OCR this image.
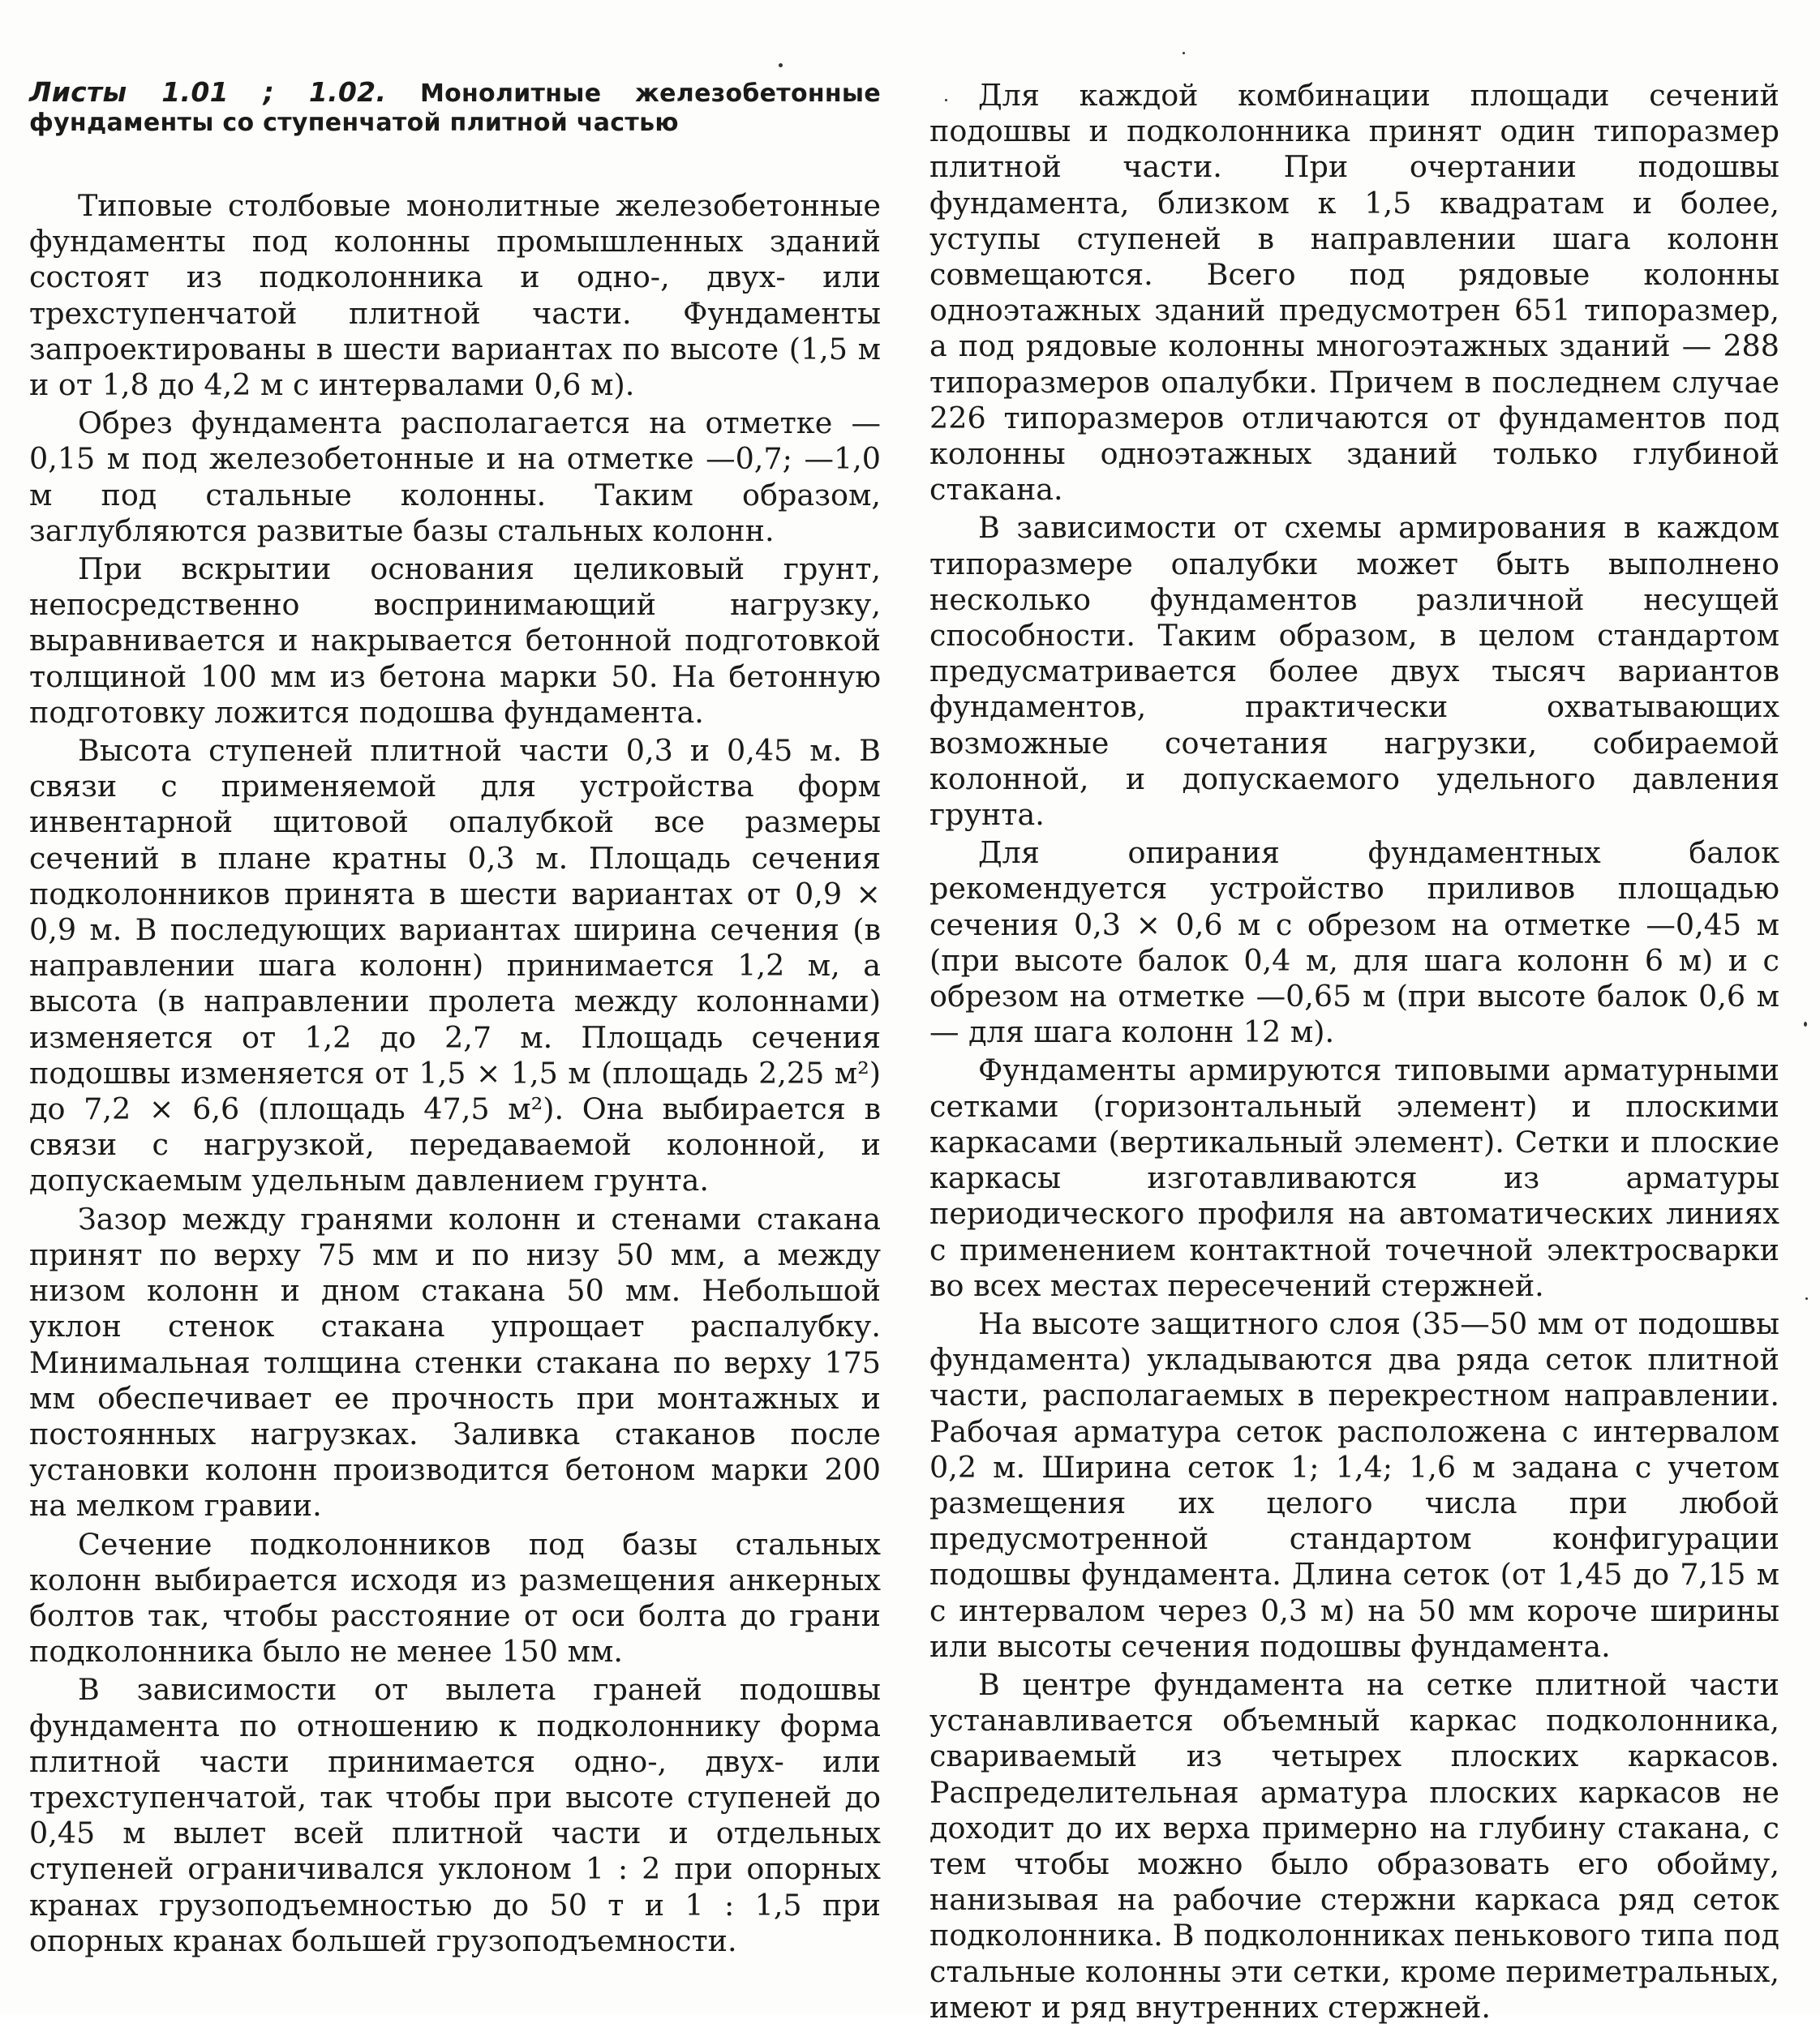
Листы 1.01 ; 1.02. Монолитные железобетонные фундаменты со ступенчатой плитной частью

Типовые столбовые монолитные железобетонные фундаменты под колонны промышленных зданий состоят из подколонника и одно-, двух- или трехступенчатой плитной части. Фундаменты запроектированы в шести вариантах по высоте (1,5 м и от 1,8 до 4,2 м с интервалами 0,6 м).

Обрез фундамента располагается на отметке —0,15 м под железобетонные и на отметке —0,7; —1,0 м под стальные колонны. Таким образом, заглубляются развитые базы стальных колонн.

При вскрытии основания целиковый грунт, непосредственно воспринимающий нагрузку, выравнивается и накрывается бетонной подготовкой толщиной 100 мм из бетона марки 50. На бетонную подготовку ложится подошва фундамента.

Высота ступеней плитной части 0,3 и 0,45 м. В связи с применяемой для устройства форм инвентарной щитовой опалубкой все размеры сечений в плане кратны 0,3 м. Площадь сечения подколонников принята в шести вариантах от 0,9 × 0,9 м. В последующих вариантах ширина сечения (в направлении шага колонн) принимается 1,2 м, а высота (в направлении пролета между колоннами) изменяется от 1,2 до 2,7 м. Площадь сечения подошвы изменяется от 1,5 × 1,5 м (площадь 2,25 м²) до 7,2 × 6,6 (площадь 47,5 м²). Она выбирается в связи с нагрузкой, передаваемой колонной, и допускаемым удельным давлением грунта.

Зазор между гранями колонн и стенами стакана принят по верху 75 мм и по низу 50 мм, а между низом колонн и дном стакана 50 мм. Небольшой уклон стенок стакана упрощает распалубку. Минимальная толщина стенки стакана по верху 175 мм обеспечивает ее прочность при монтажных и постоянных нагрузках. Заливка стаканов после установки колонн производится бетоном марки 200 на мелком гравии.

Сечение подколонников под базы стальных колонн выбирается исходя из размещения анкерных болтов так, чтобы расстояние от оси болта до грани подколонника было не менее 150 мм.

В зависимости от вылета граней подошвы фундамента по отношению к подколоннику форма плитной части принимается одно-, двух- или трехступенчатой, так чтобы при высоте ступеней до 0,45 м вылет всей плитной части и отдельных ступеней ограничивался уклоном 1 : 2 при опорных кранах грузоподъемностью до 50 т и 1 : 1,5 при опорных кранах большей грузоподъемности.

Для каждой комбинации площади сечений подошвы и подколонника принят один типоразмер плитной части. При очертании подошвы фундамента, близком к 1,5 квадратам и более, уступы ступеней в направлении шага колонн совмещаются. Всего под рядовые колонны одноэтажных зданий предусмотрен 651 типоразмер, а под рядовые колонны многоэтажных зданий — 288 типоразмеров опалубки. Причем в последнем случае 226 типоразмеров отличаются от фундаментов под колонны одноэтажных зданий только глубиной стакана.

В зависимости от схемы армирования в каждом типоразмере опалубки может быть выполнено несколько фундаментов различной несущей способности. Таким образом, в целом стандартом предусматривается более двух тысяч вариантов фундаментов, практически охватывающих возможные сочетания нагрузки, собираемой колонной, и допускаемого удельного давления грунта.

Для опирания фундаментных балок рекомендуется устройство приливов площадью сечения 0,3 × 0,6 м с обрезом на отметке —0,45 м (при высоте балок 0,4 м, для шага колонн 6 м) и с обрезом на отметке —0,65 м (при высоте балок 0,6 м — для шага колонн 12 м).

Фундаменты армируются типовыми арматурными сетками (горизонтальный элемент) и плоскими каркасами (вертикальный элемент). Сетки и плоские каркасы изготавливаются из арматуры периодического профиля на автоматических линиях с применением контактной точечной электросварки во всех местах пересечений стержней.

На высоте защитного слоя (35—50 мм от подошвы фундамента) укладываются два ряда сеток плитной части, располагаемых в перекрестном направлении. Рабочая арматура сеток расположена с интервалом 0,2 м. Ширина сеток 1; 1,4; 1,6 м задана с учетом размещения их целого числа при любой предусмотренной стандартом конфигурации подошвы фундамента. Длина сеток (от 1,45 до 7,15 м с интервалом через 0,3 м) на 50 мм короче ширины или высоты сечения подошвы фундамента.

В центре фундамента на сетке плитной части устанавливается объемный каркас подколонника, свариваемый из четырех плоских каркасов. Распределительная арматура плоских каркасов не доходит до их верха примерно на глубину стакана, с тем чтобы можно было образовать его обойму, нанизывая на рабочие стержни каркаса ряд сеток подколонника. В подколонниках пенькового типа под стальные колонны эти сетки, кроме периметральных, имеют и ряд внутренних стержней.
